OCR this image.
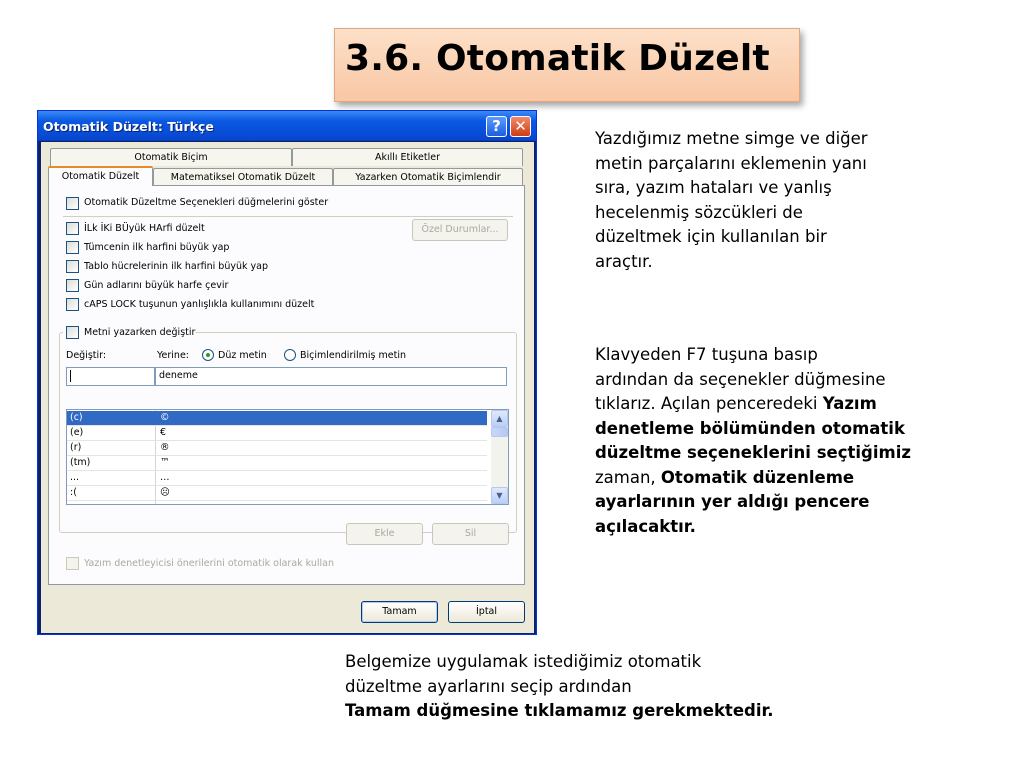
3.6. Otomatik Düzelt
Otomatik Düzelt: Türkçe	? ✕
Otomatik Biçim	Akıllı Etiketler
Otomatik Düzelt	Matematiksel Otomatik Düzelt	Yazarken Otomatik Biçimlendir
Otomatik Düzeltme Seçenekleri düğmelerini göster
İLk İKi BÜyük HArfi düzelt	Özel Durumlar...
Tümcenin ilk harfini büyük yap
Tablo hücrelerinin ilk harfini büyük yap
Gün adlarını büyük harfe çevir
cAPS LOCK tuşunun yanlışlıkla kullanımını düzelt
Metni yazarken değiştir
Değiştir:	Yerine:	Düz metin	Biçimlendirilmiş metin
deneme
(c)	©
(e)	€
(r)	®
(tm)	™
...	…
:(	☹
▲
▼
Ekle	Sil
Yazım denetleyicisi önerilerini otomatik olarak kullan
Tamam	İptal
Yazdığımız metne simge ve diğer
metin parçalarını eklemenin yanı
sıra, yazım hataları ve yanlış
hecelenmiş sözcükleri de
düzeltmek için kullanılan bir
araçtır.
Klavyeden F7 tuşuna basıp
ardından da seçenekler düğmesine
tıklarız. Açılan penceredeki Yazım
denetleme bölümünden otomatik
düzeltme seçeneklerini seçtiğimiz
zaman, Otomatik düzenleme
ayarlarının yer aldığı pencere
açılacaktır.
Belgemize uygulamak istediğimiz otomatik
düzeltme ayarlarını seçip ardından
Tamam düğmesine tıklamamız gerekmektedir.
